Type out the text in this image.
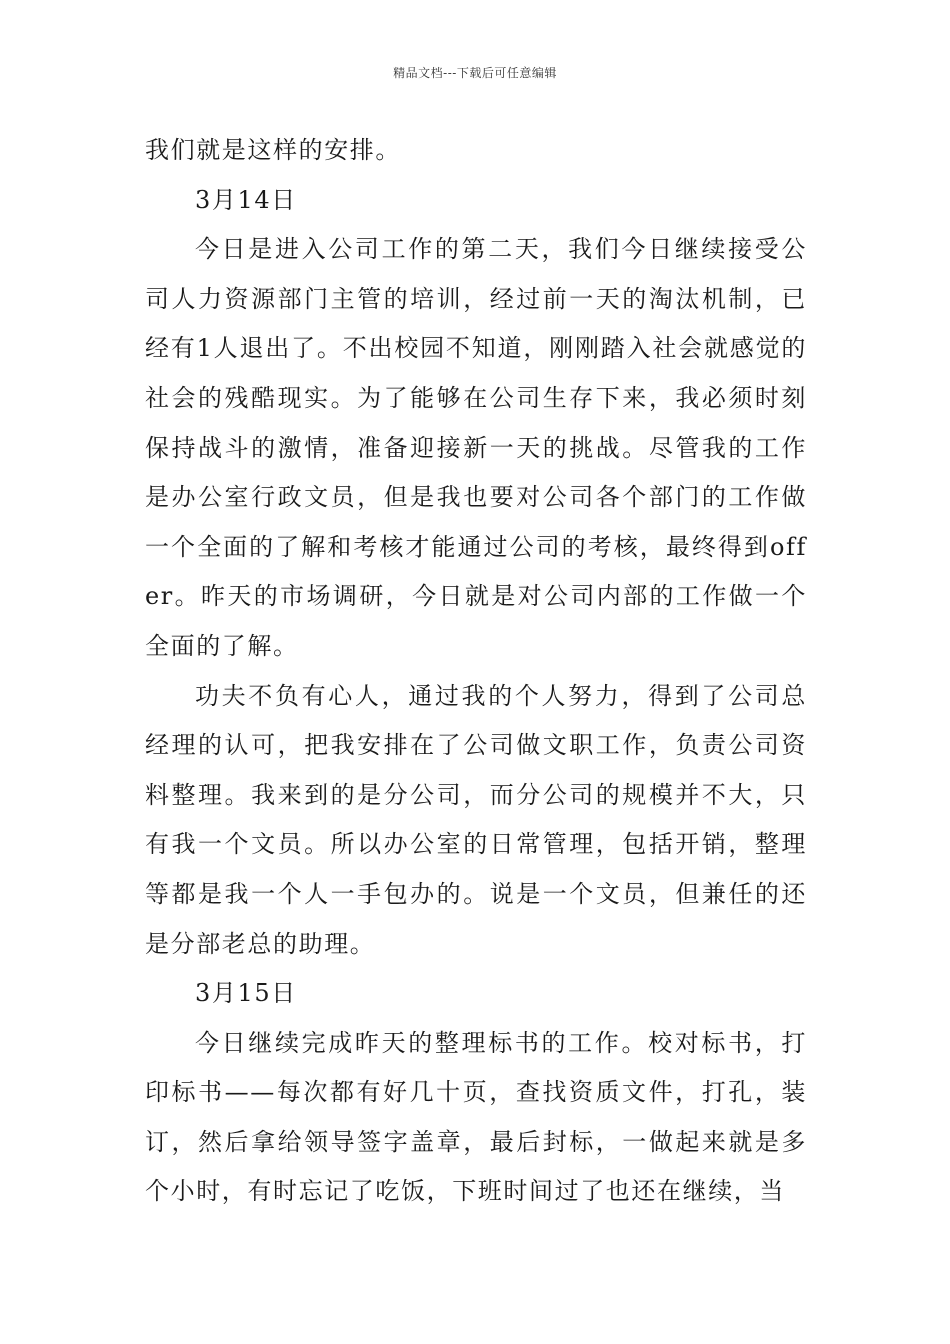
精品文档---下载后可任意编辑

我们就是这样的安排。

3月14日

今日是进入公司工作的第二天，我们今日继续接受公司人力资源部门主管的培训，经过前一天的淘汰机制，已经有1人退出了。不出校园不知道，刚刚踏入社会就感觉的社会的残酷现实。为了能够在公司生存下来，我必须时刻保持战斗的激情，准备迎接新一天的挑战。尽管我的工作是办公室行政文员，但是我也要对公司各个部门的工作做一个全面的了解和考核才能通过公司的考核，最终得到offer。昨天的市场调研，今日就是对公司内部的工作做一个全面的了解。

功夫不负有心人，通过我的个人努力，得到了公司总经理的认可，把我安排在了公司做文职工作，负责公司资料整理。我来到的是分公司，而分公司的规模并不大，只有我一个文员。所以办公室的日常管理，包括开销，整理等都是我一个人一手包办的。说是一个文员，但兼任的还是分部老总的助理。

3月15日

今日继续完成昨天的整理标书的工作。校对标书，打印标书——每次都有好几十页，查找资质文件，打孔，装订，然后拿给领导签字盖章，最后封标，一做起来就是多个小时，有时忘记了吃饭，下班时间过了也还在继续，当
